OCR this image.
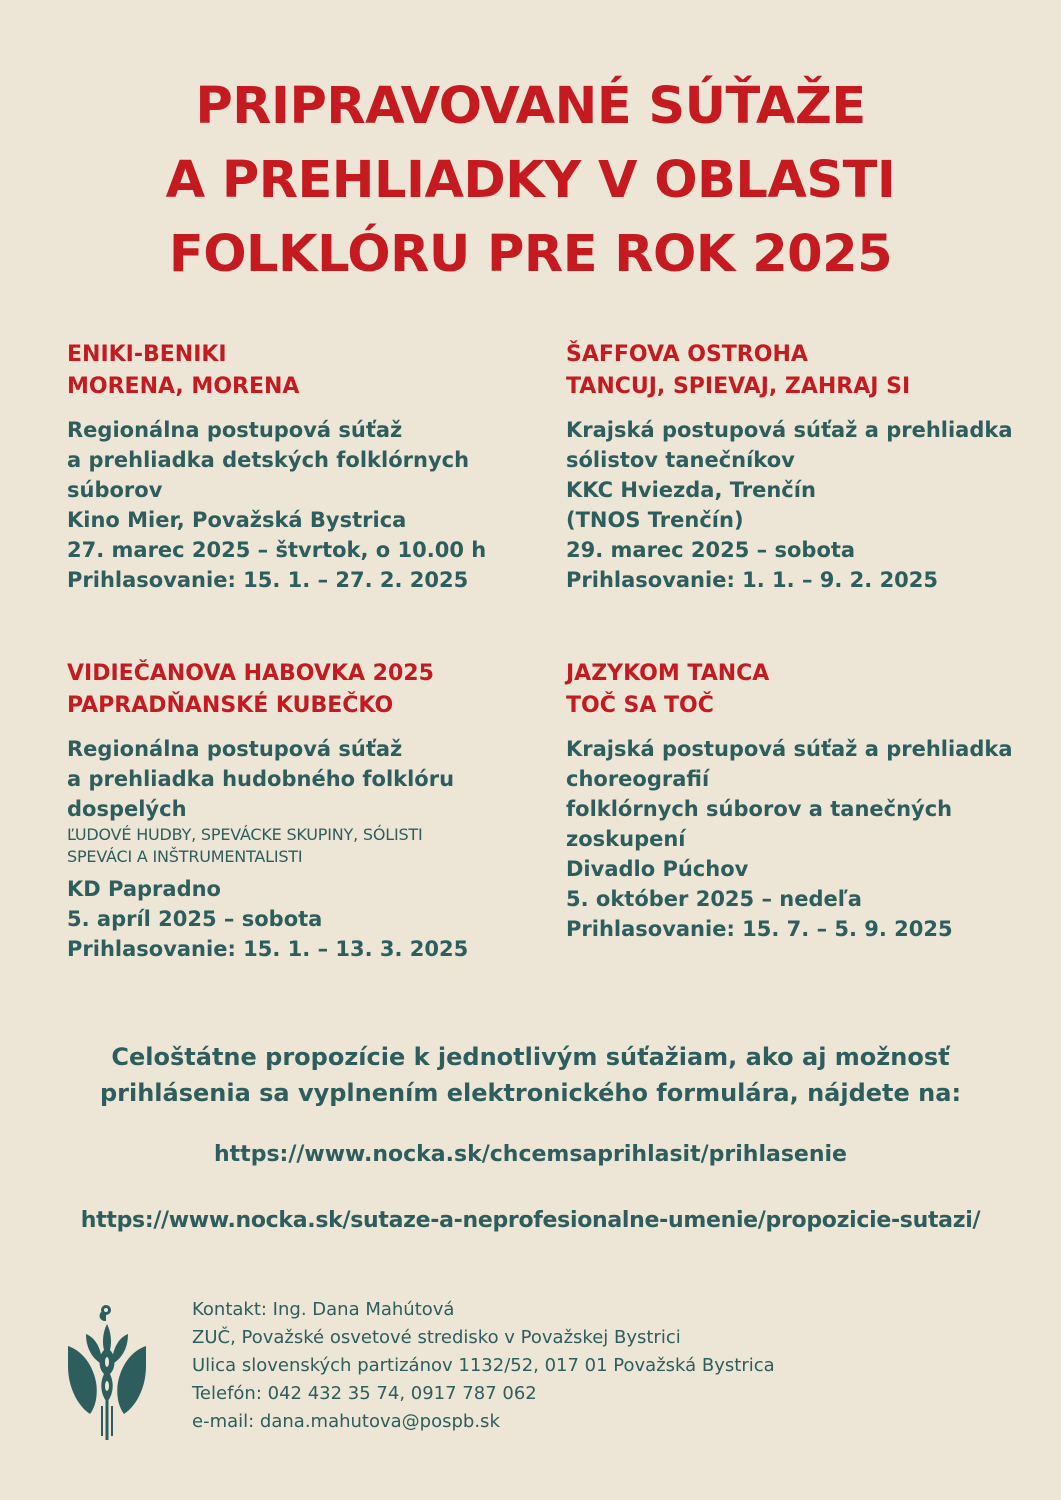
PRIPRAVOVANÉ SÚŤAŽE
A PREHLIADKY V OBLASTI
FOLKLÓRU PRE ROK 2025
ENIKI-BENIKI
MORENA, MORENA
Regionálna postupová súťaž
a prehliadka detských folklórnych
súborov
Kino Mier, Považská Bystrica
27. marec 2025 – štvrtok, o 10.00 h
Prihlasovanie: 15. 1. – 27. 2. 2025
ŠAFFOVA OSTROHA
TANCUJ, SPIEVAJ, ZAHRAJ SI
Krajská postupová súťaž a prehliadka
sólistov tanečníkov
KKC Hviezda, Trenčín
(TNOS Trenčín)
29. marec 2025 – sobota
Prihlasovanie: 1. 1. – 9. 2. 2025
VIDIEČANOVA HABOVKA 2025
PAPRADŇANSKÉ KUBEČKO
Regionálna postupová súťaž
a prehliadka hudobného folklóru
dospelých
ĽUDOVÉ HUDBY, SPEVÁCKE SKUPINY, SÓLISTI
SPEVÁCI A INŠTRUMENTALISTI
KD Papradno
5. apríl 2025 – sobota
Prihlasovanie: 15. 1. – 13. 3. 2025
JAZYKOM TANCA
TOČ SA TOČ
Krajská postupová súťaž a prehliadka
choreografií
folklórnych súborov a tanečných
zoskupení
Divadlo Púchov
5. október 2025 – nedeľa
Prihlasovanie: 15. 7. – 5. 9. 2025
Celoštátne propozície k jednotlivým súťažiam, ako aj možnosť
prihlásenia sa vyplnením elektronického formulára, nájdete na:
https://www.nocka.sk/chcemsaprihlasit/prihlasenie
https://www.nocka.sk/sutaze-a-neprofesionalne-umenie/propozicie-sutazi/
Kontakt: Ing. Dana Mahútová
ZUČ, Považské osvetové stredisko v Považskej Bystrici
Ulica slovenských partizánov 1132/52, 017 01 Považská Bystrica
Telefón: 042 432 35 74, 0917 787 062
e-mail: dana.mahutova@pospb.sk
